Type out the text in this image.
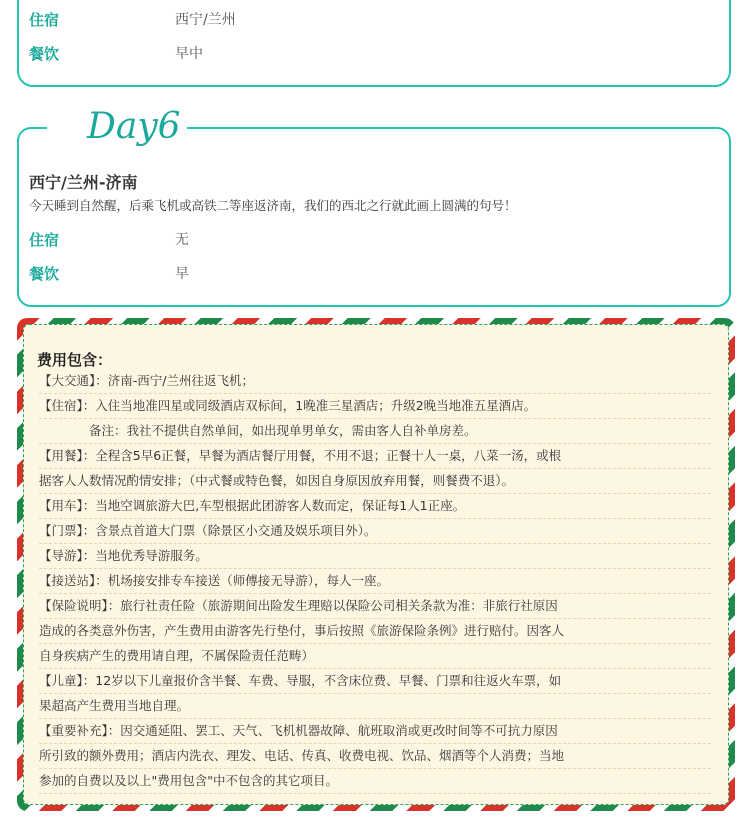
住宿	西宁/兰州
餐饮	早中
Day6
西宁/兰州-济南
今天睡到自然醒，后乘飞机或高铁二等座返济南，我们的西北之行就此画上圆满的句号！
住宿	无
餐饮	早
费用包含：
【大交通】：济南-西宁/兰州往返飞机；
【住宿】：入住当地准四星或同级酒店双标间，1晚准三星酒店；升级2晚当地准五星酒店。
　　　　备注：我社不提供自然单间，如出现单男单女，需由客人自补单房差。
【用餐】：全程含5早6正餐，早餐为酒店餐厅用餐，不用不退；正餐十人一桌，八菜一汤，或根
据客人人数情况酌情安排；（中式餐或特色餐，如因自身原因放弃用餐，则餐费不退）。
【用车】：当地空调旅游大巴,车型根据此团游客人数而定，保证每1人1正座。
【门票】：含景点首道大门票（除景区小交通及娱乐项目外）。
【导游】：当地优秀导游服务。
【接送站】：机场接安排专车接送（师傅接无导游），每人一座。
【保险说明】：旅行社责任险（旅游期间出险发生理赔以保险公司相关条款为准：非旅行社原因
造成的各类意外伤害，产生费用由游客先行垫付，事后按照《旅游保险条例》进行赔付。因客人
自身疾病产生的费用请自理，不属保险责任范畴）
【儿童】：12岁以下儿童报价含半餐、车费、导服，不含床位费、早餐、门票和往返火车票，如
果超高产生费用当地自理。
【重要补充】：因交通延阻、罢工、天气、飞机机器故障、航班取消或更改时间等不可抗力原因
所引致的额外费用；酒店内洗衣、理发、电话、传真、收费电视、饮品、烟酒等个人消费；当地
参加的自费以及以上"费用包含"中不包含的其它项目。
